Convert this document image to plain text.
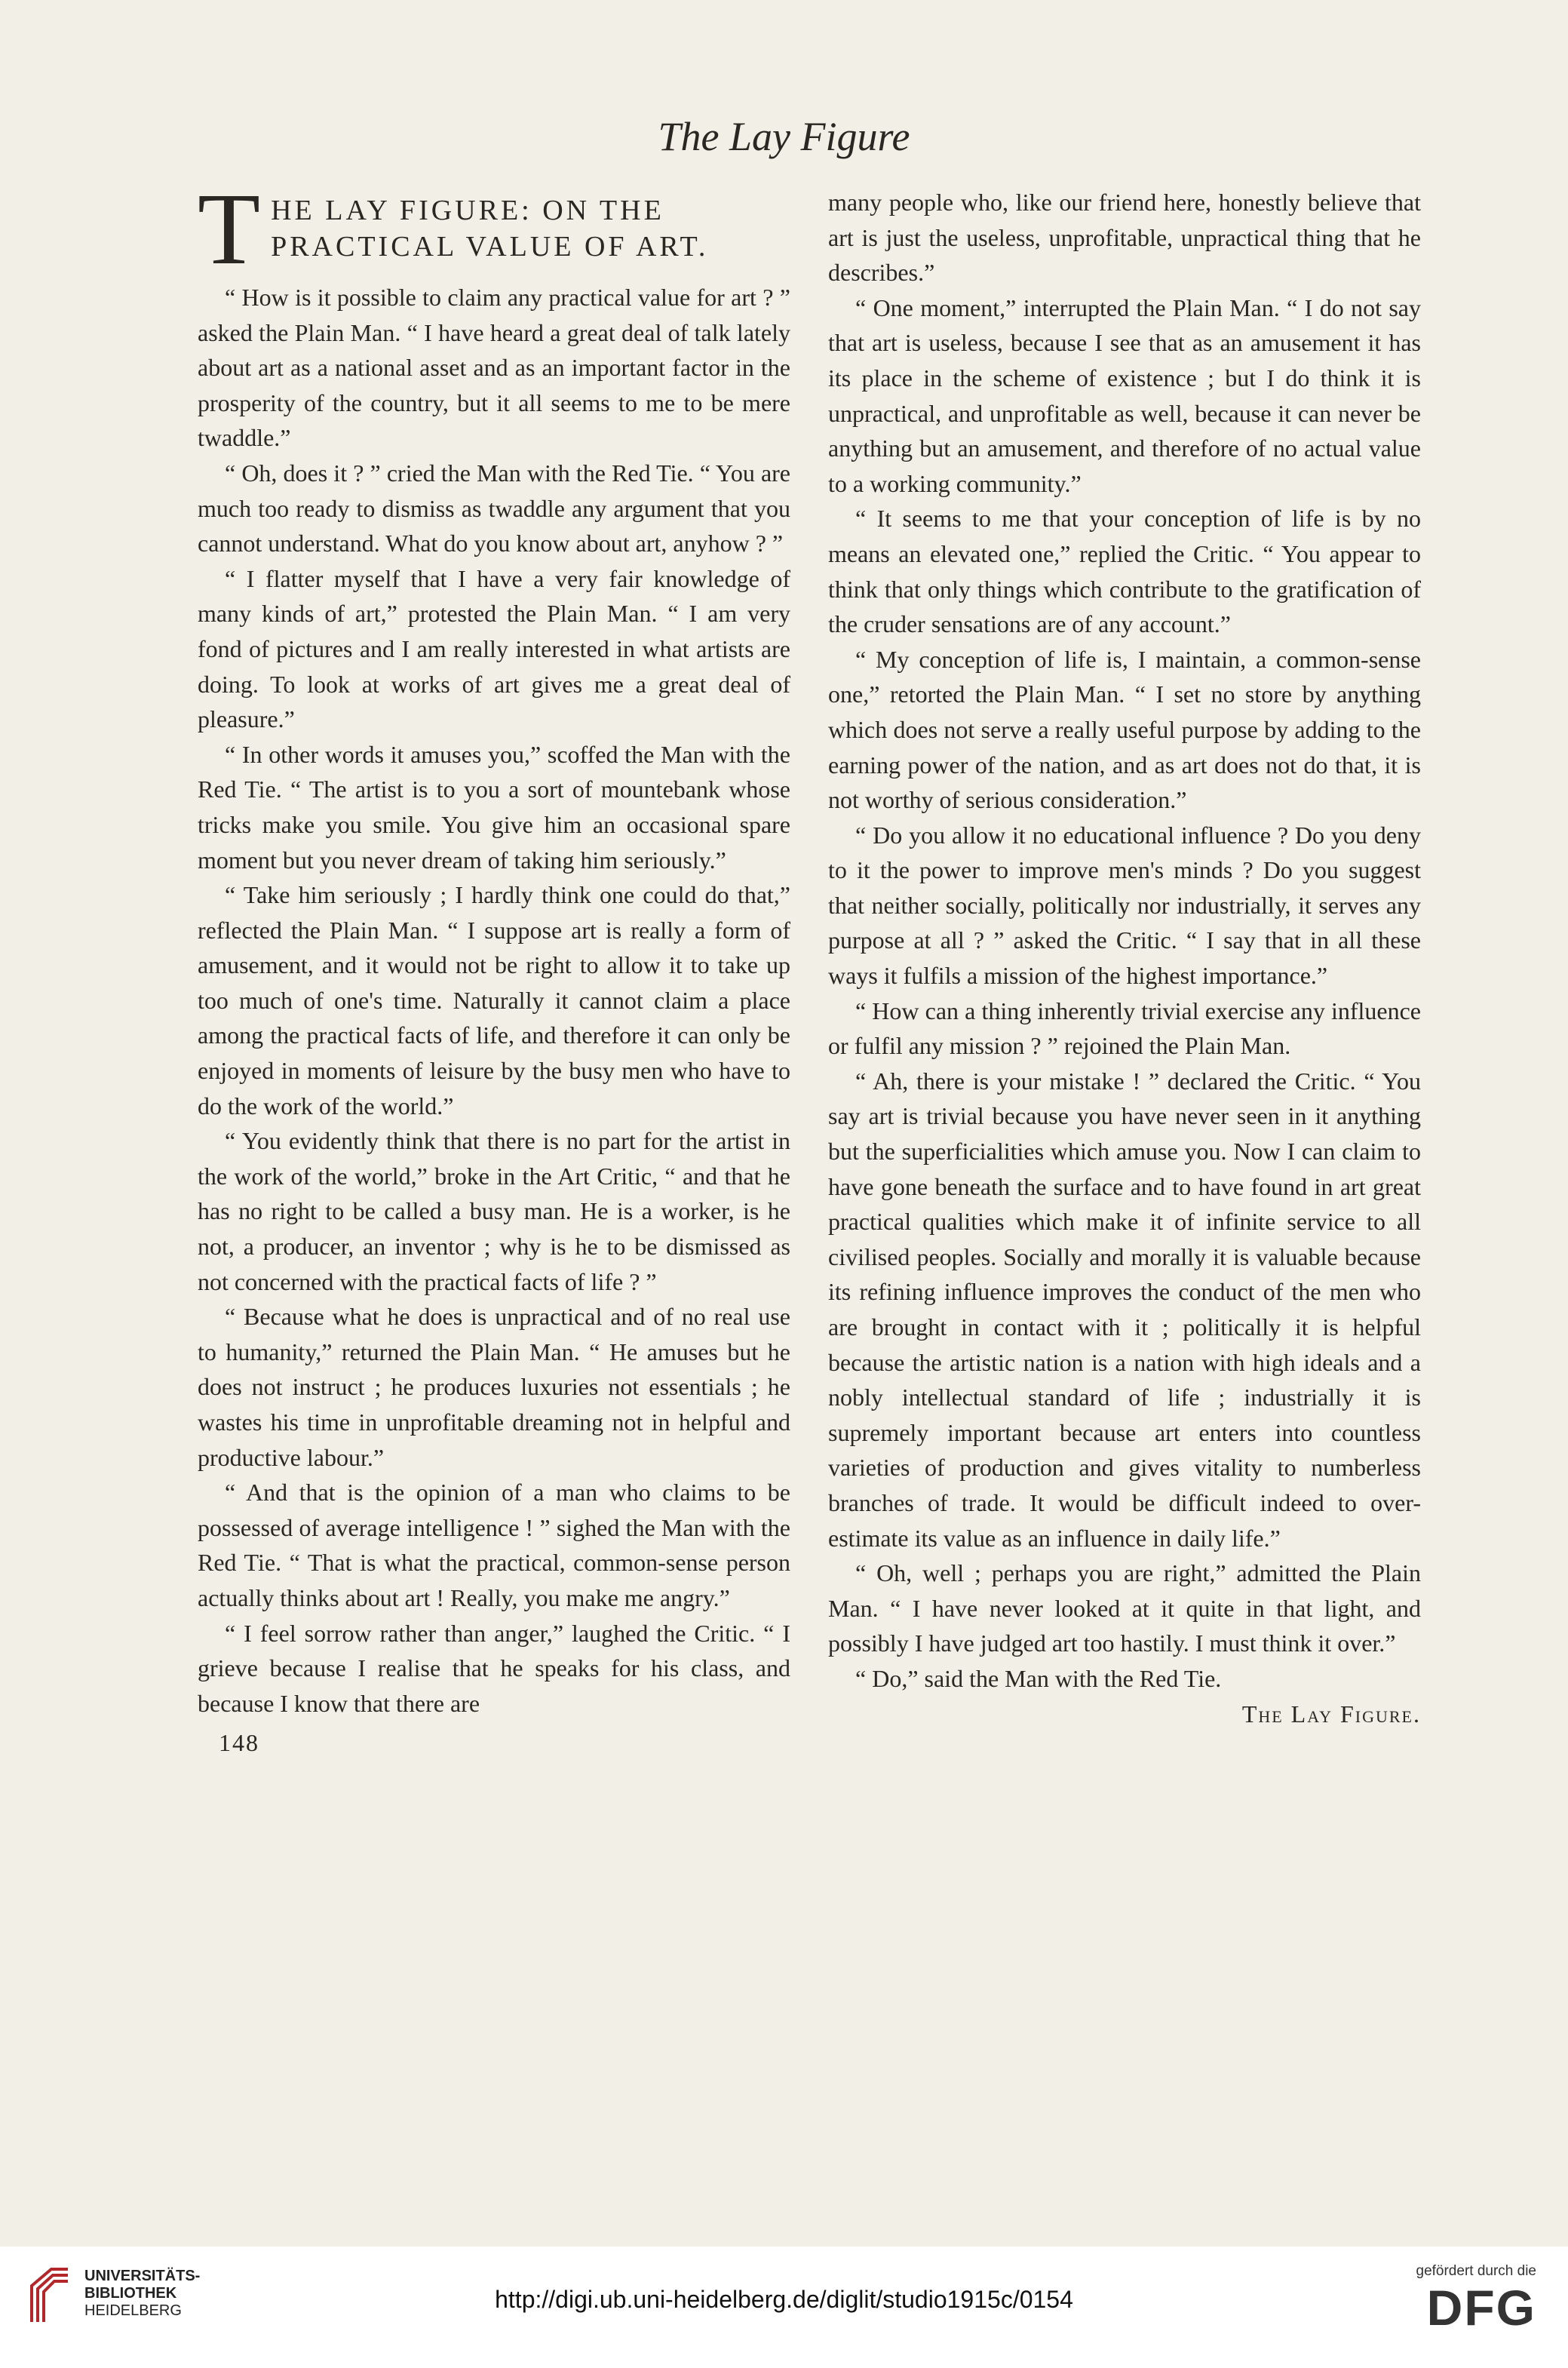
The Lay Figure
T HE LAY FIGURE: ON THE
PRACTICAL VALUE OF ART.

“ How is it possible to claim any practical value for art ? ” asked the Plain Man. “ I have heard a great deal of talk lately about art as a national asset and as an important factor in the prosperity of the country, but it all seems to me to be mere twaddle.”

“ Oh, does it ? ” cried the Man with the Red Tie. “ You are much too ready to dismiss as twaddle any argument that you cannot understand. What do you know about art, anyhow ? ”

“ I flatter myself that I have a very fair knowledge of many kinds of art,” protested the Plain Man. “ I am very fond of pictures and I am really interested in what artists are doing. To look at works of art gives me a great deal of pleasure.”

“ In other words it amuses you,” scoffed the Man with the Red Tie. “ The artist is to you a sort of mountebank whose tricks make you smile. You give him an occasional spare moment but you never dream of taking him seriously.”

“ Take him seriously ; I hardly think one could do that,” reflected the Plain Man. “ I suppose art is really a form of amusement, and it would not be right to allow it to take up too much of one's time. Naturally it cannot claim a place among the practical facts of life, and therefore it can only be enjoyed in moments of leisure by the busy men who have to do the work of the world.”

“ You evidently think that there is no part for the artist in the work of the world,” broke in the Art Critic, “ and that he has no right to be called a busy man. He is a worker, is he not, a producer, an inventor ; why is he to be dismissed as not concerned with the practical facts of life ? ”

“ Because what he does is unpractical and of no real use to humanity,” returned the Plain Man. “ He amuses but he does not instruct ; he produces luxuries not essentials ; he wastes his time in unprofitable dreaming not in helpful and productive labour.”

“ And that is the opinion of a man who claims to be possessed of average intelligence ! ” sighed the Man with the Red Tie. “ That is what the practical, common-sense person actually thinks about art ! Really, you make me angry.”

“ I feel sorrow rather than anger,” laughed the Critic. “ I grieve because I realise that he speaks for his class, and because I know that there are

148

many people who, like our friend here, honestly believe that art is just the useless, unprofitable, unpractical thing that he describes.”

“ One moment,” interrupted the Plain Man. “ I do not say that art is useless, because I see that as an amusement it has its place in the scheme of existence ; but I do think it is unpractical, and unprofitable as well, because it can never be anything but an amusement, and therefore of no actual value to a working community.”

“ It seems to me that your conception of life is by no means an elevated one,” replied the Critic. “ You appear to think that only things which contribute to the gratification of the cruder sensations are of any account.”

“ My conception of life is, I maintain, a common-sense one,” retorted the Plain Man. “ I set no store by anything which does not serve a really useful purpose by adding to the earning power of the nation, and as art does not do that, it is not worthy of serious consideration.”

“ Do you allow it no educational influence ? Do you deny to it the power to improve men's minds ? Do you suggest that neither socially, politically nor industrially, it serves any purpose at all ? ” asked the Critic. “ I say that in all these ways it fulfils a mission of the highest importance.”

“ How can a thing inherently trivial exercise any influence or fulfil any mission ? ” rejoined the Plain Man.

“ Ah, there is your mistake ! ” declared the Critic. “ You say art is trivial because you have never seen in it anything but the superficialities which amuse you. Now I can claim to have gone beneath the surface and to have found in art great practical qualities which make it of infinite service to all civilised peoples. Socially and morally it is valuable because its refining influence improves the conduct of the men who are brought in contact with it ; politically it is helpful because the artistic nation is a nation with high ideals and a nobly intellectual standard of life ; industrially it is supremely important because art enters into countless varieties of production and gives vitality to numberless branches of trade. It would be difficult indeed to over-estimate its value as an influence in daily life.”

“ Oh, well ; perhaps you are right,” admitted the Plain Man. “ I have never looked at it quite in that light, and possibly I have judged art too hastily. I must think it over.”

“ Do,” said the Man with the Red Tie.

The Lay Figure.

UNIVERSITÄTS-
BIBLIOTHEK
HEIDELBERG	http://digi.ub.uni-heidelberg.de/diglit/studio1915c/0154
gefördert durch die
DFG
